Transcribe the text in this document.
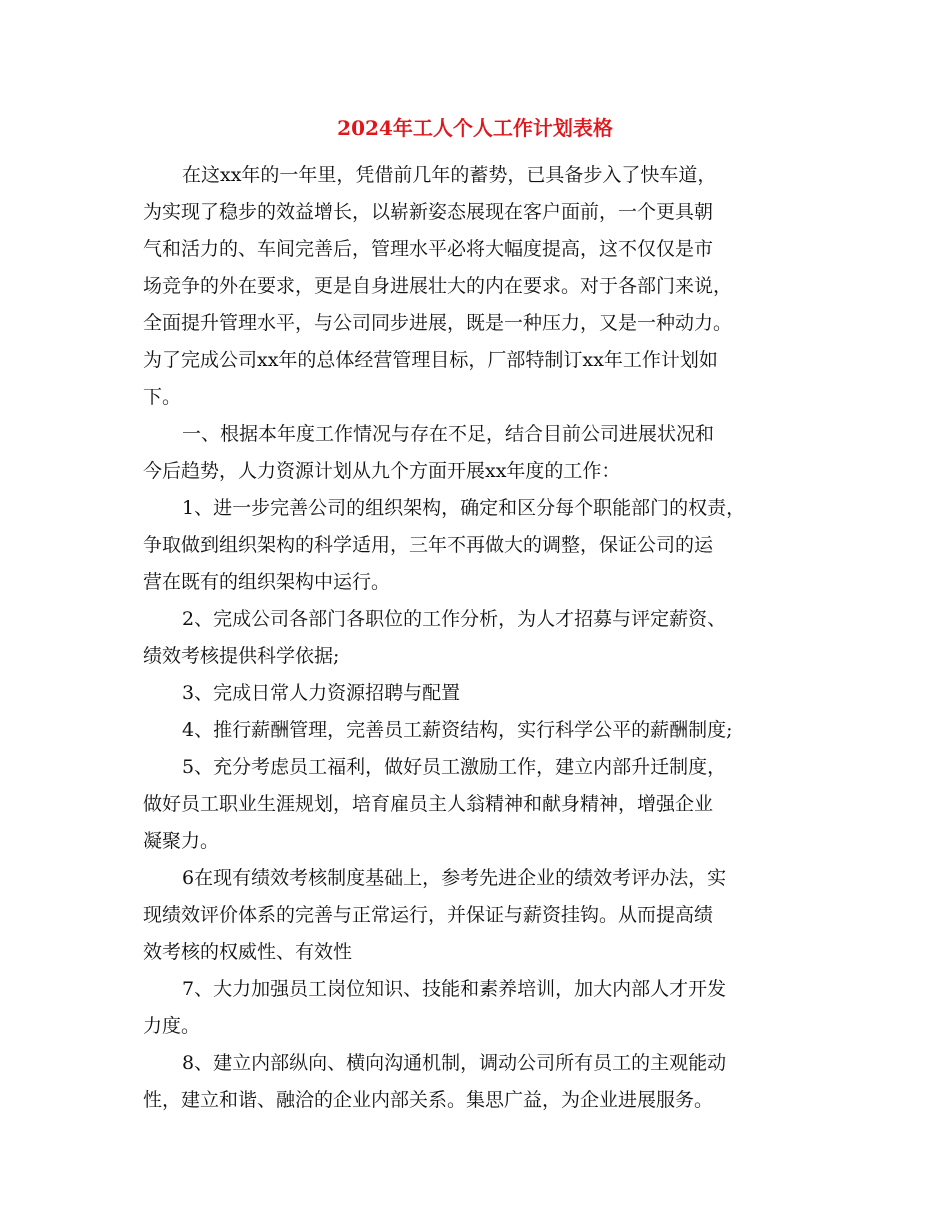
2024年工人个人工作计划表格
在这xx年的一年里，凭借前几年的蓄势，已具备步入了快车道，
为实现了稳步的效益增长，以崭新姿态展现在客户面前，一个更具朝
气和活力的、车间完善后，管理水平必将大幅度提高，这不仅仅是市
场竞争的外在要求，更是自身进展壮大的内在要求。对于各部门来说，
全面提升管理水平，与公司同步进展，既是一种压力，又是一种动力。
为了完成公司xx年的总体经营管理目标，厂部特制订xx年工作计划如
下。
一、根据本年度工作情况与存在不足，结合目前公司进展状况和
今后趋势，人力资源计划从九个方面开展xx年度的工作：
1、进一步完善公司的组织架构，确定和区分每个职能部门的权责，
争取做到组织架构的科学适用，三年不再做大的调整，保证公司的运
营在既有的组织架构中运行。
2、完成公司各部门各职位的工作分析，为人才招募与评定薪资、
绩效考核提供科学依据;
3、完成日常人力资源招聘与配置
4、推行薪酬管理，完善员工薪资结构，实行科学公平的薪酬制度;
5、充分考虑员工福利，做好员工激励工作，建立内部升迁制度，
做好员工职业生涯规划，培育雇员主人翁精神和献身精神，增强企业
凝聚力。
6在现有绩效考核制度基础上，参考先进企业的绩效考评办法，实
现绩效评价体系的完善与正常运行，并保证与薪资挂钩。从而提高绩
效考核的权威性、有效性
7、大力加强员工岗位知识、技能和素养培训，加大内部人才开发
力度。
8、建立内部纵向、横向沟通机制，调动公司所有员工的主观能动
性，建立和谐、融洽的企业内部关系。集思广益，为企业进展服务。
